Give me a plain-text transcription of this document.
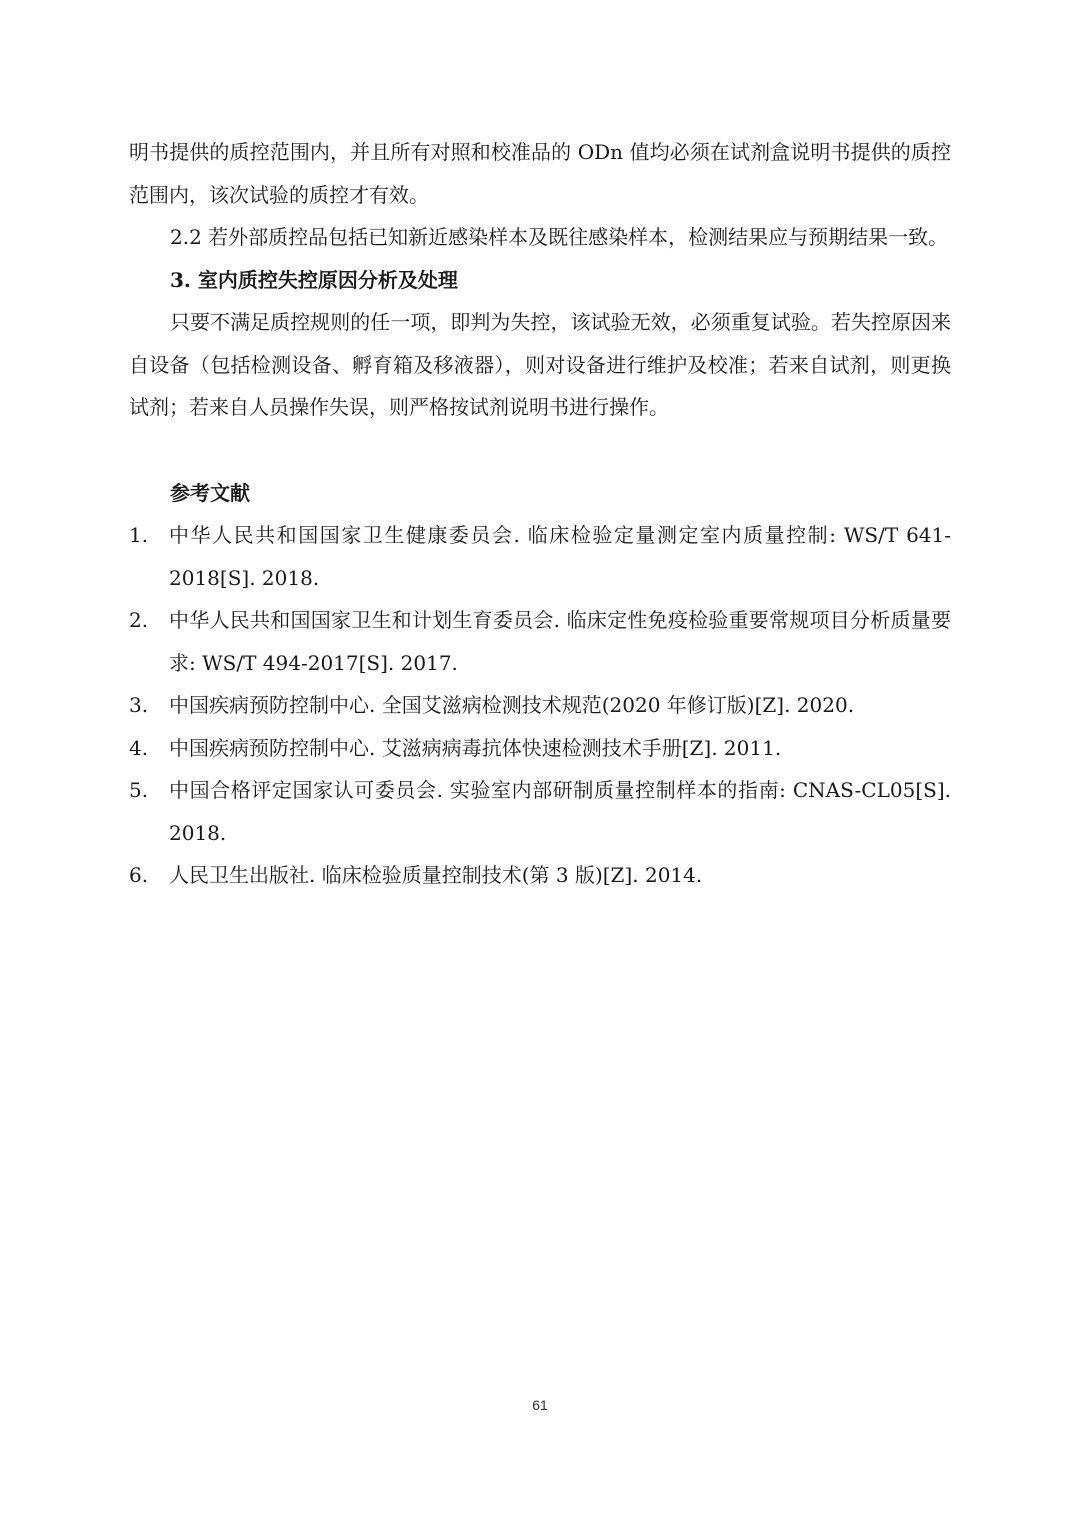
明书提供的质控范围内，并且所有对照和校准品的 ODn 值均必须在试剂盒说明书提供的质控范围内，该次试验的质控才有效。

2.2 若外部质控品包括已知新近感染样本及既往感染样本，检测结果应与预期结果一致。

3. 室内质控失控原因分析及处理

只要不满足质控规则的任一项，即判为失控，该试验无效，必须重复试验。若失控原因来自设备（包括检测设备、孵育箱及移液器），则对设备进行维护及校准；若来自试剂，则更换试剂；若来自人员操作失误，则严格按试剂说明书进行操作。

参考文献

1. 中华人民共和国国家卫生健康委员会. 临床检验定量测定室内质量控制: WS/T 641-2018[S]. 2018.
2. 中华人民共和国国家卫生和计划生育委员会. 临床定性免疫检验重要常规项目分析质量要求: WS/T 494-2017[S]. 2017.
3. 中国疾病预防控制中心. 全国艾滋病检测技术规范(2020 年修订版)[Z]. 2020.
4. 中国疾病预防控制中心. 艾滋病病毒抗体快速检测技术手册[Z]. 2011.
5. 中国合格评定国家认可委员会. 实验室内部研制质量控制样本的指南: CNAS-CL05[S]. 2018.
6. 人民卫生出版社. 临床检验质量控制技术(第 3 版)[Z]. 2014.
61
